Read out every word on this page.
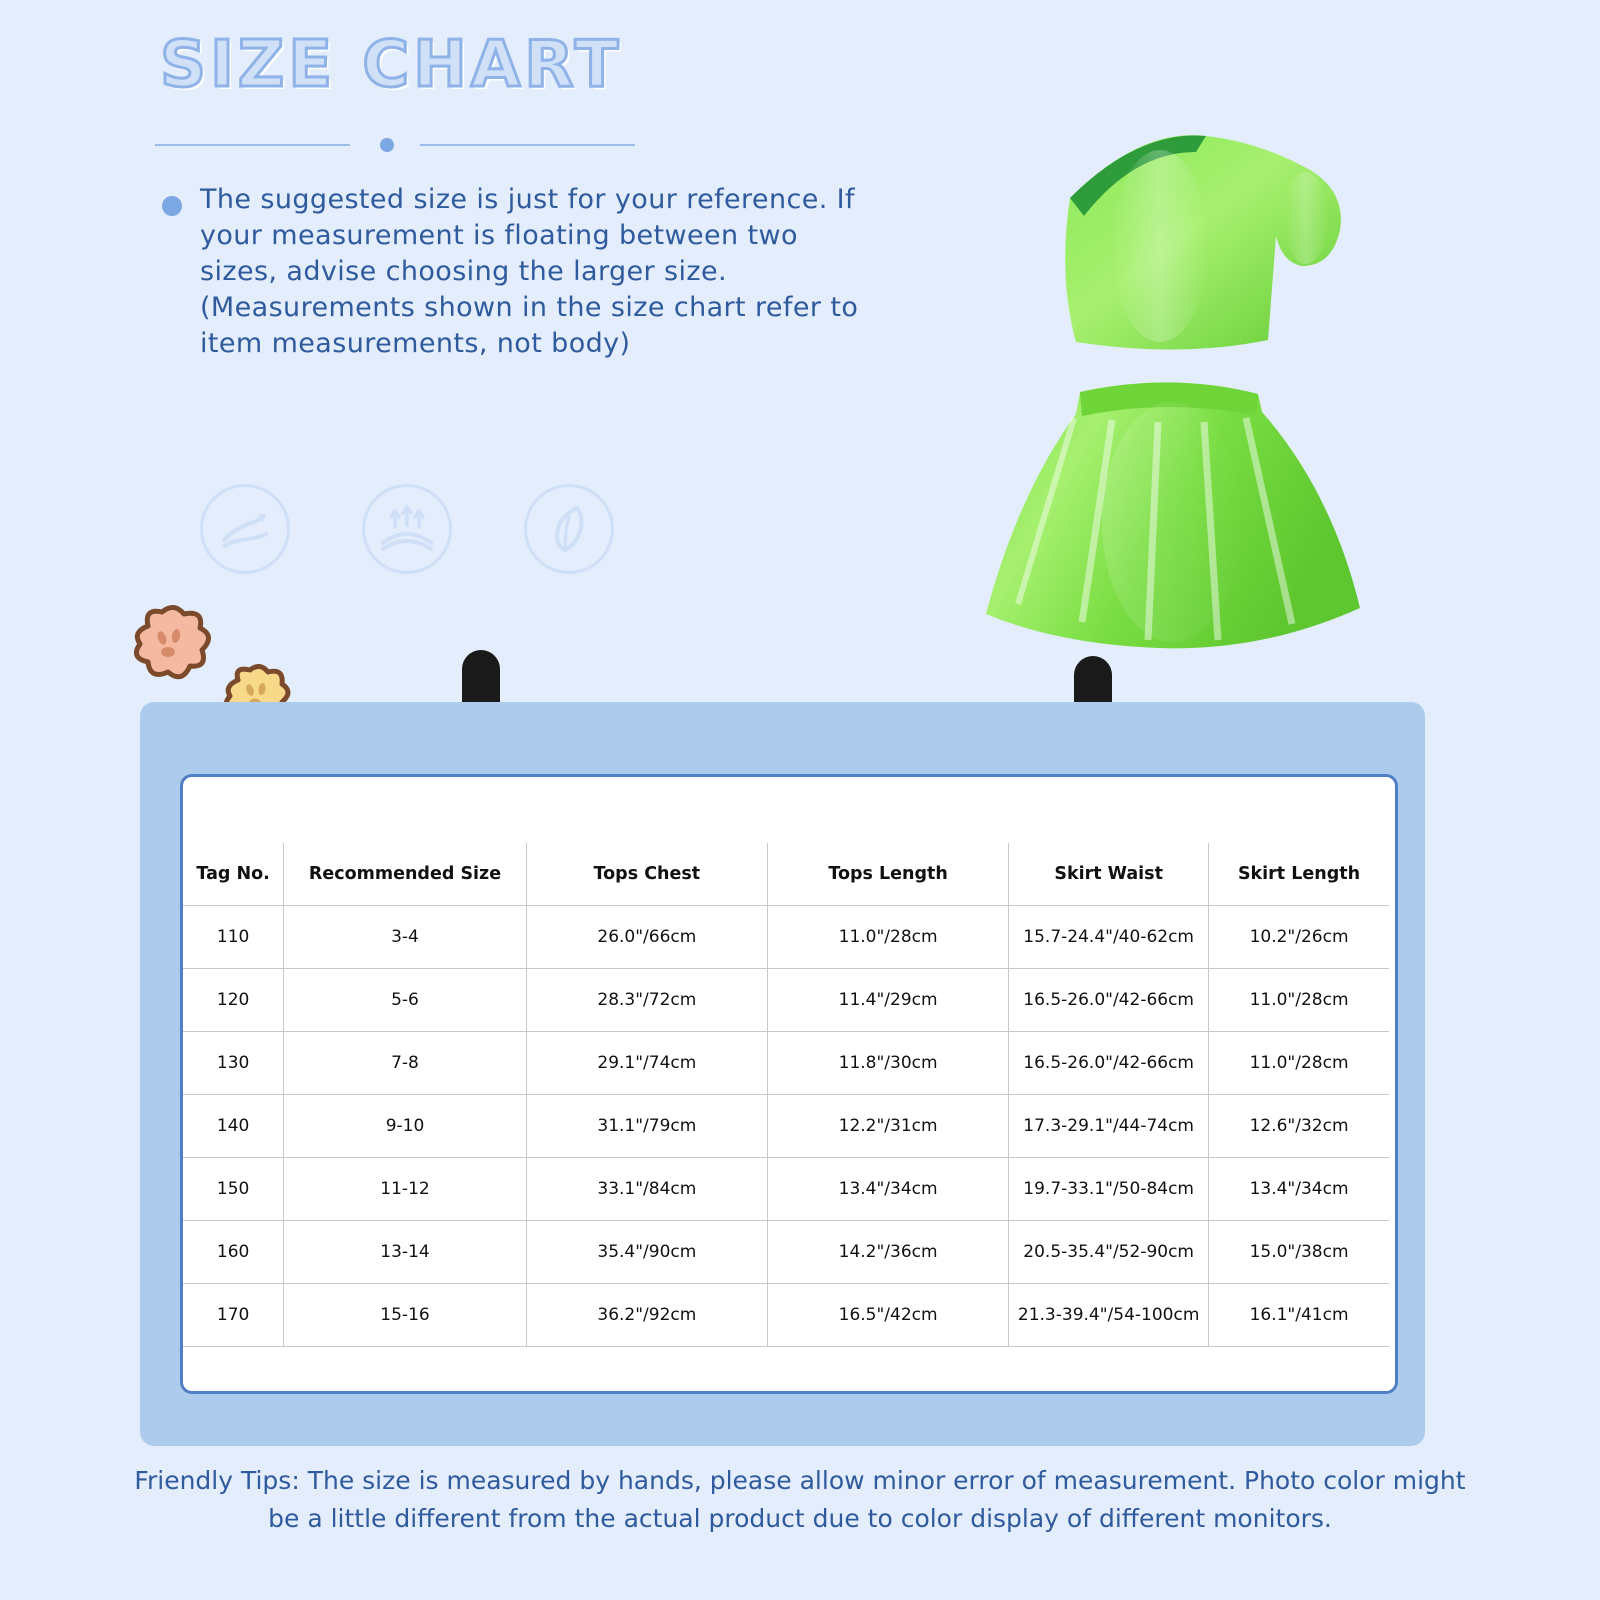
SIZE CHART
The suggested size is just for your reference. If your measurement is floating between two sizes, advise choosing the larger size. (Measurements shown in the size chart refer to item measurements, not body)
Tag No.	Recommended Size	Tops Chest	Tops Length	Skirt Waist	Skirt Length
110	3-4	26.0"/66cm	11.0"/28cm	15.7-24.4"/40-62cm	10.2"/26cm
120	5-6	28.3"/72cm	11.4"/29cm	16.5-26.0"/42-66cm	11.0"/28cm
130	7-8	29.1"/74cm	11.8"/30cm	16.5-26.0"/42-66cm	11.0"/28cm
140	9-10	31.1"/79cm	12.2"/31cm	17.3-29.1"/44-74cm	12.6"/32cm
150	11-12	33.1"/84cm	13.4"/34cm	19.7-33.1"/50-84cm	13.4"/34cm
160	13-14	35.4"/90cm	14.2"/36cm	20.5-35.4"/52-90cm	15.0"/38cm
170	15-16	36.2"/92cm	16.5"/42cm	21.3-39.4"/54-100cm	16.1"/41cm
Friendly Tips: The size is measured by hands, please allow minor error of measurement. Photo color might be a little different from the actual product due to color display of different monitors.
